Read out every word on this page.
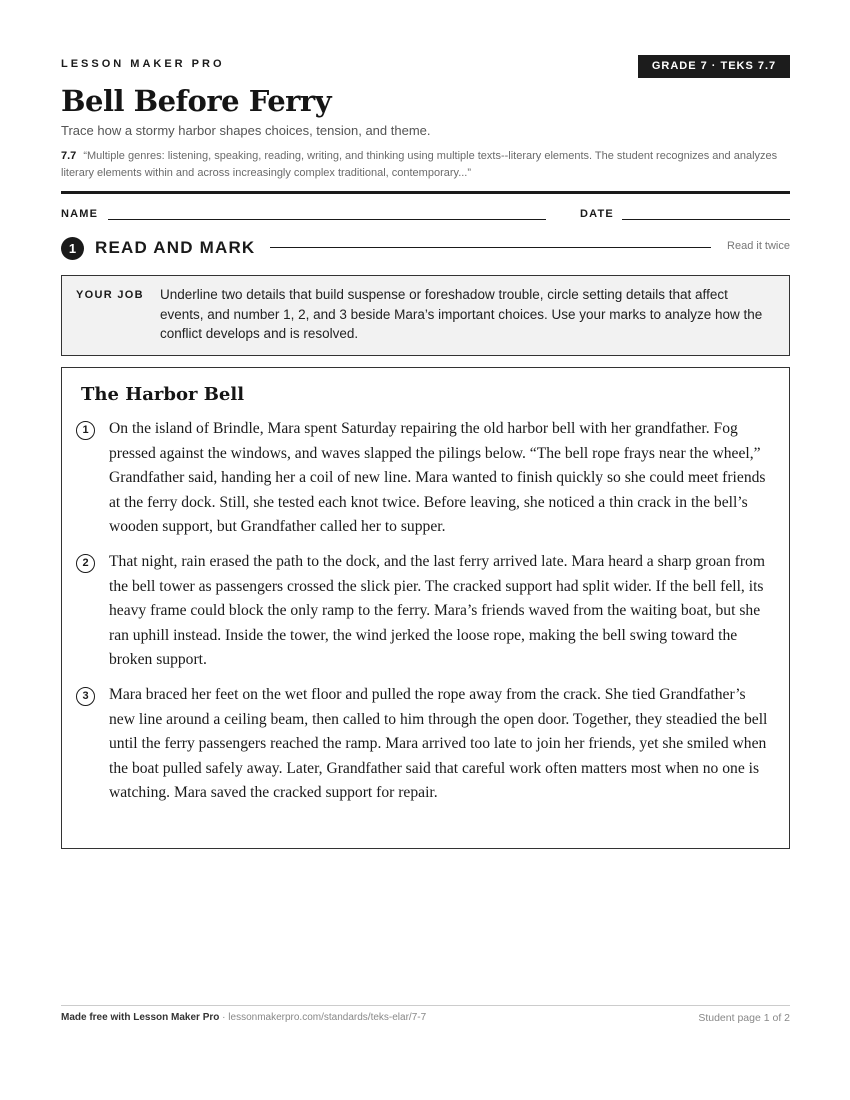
LESSON MAKER PRO	GRADE 7 · TEKS 7.7
Bell Before Ferry
Trace how a stormy harbor shapes choices, tension, and theme.
7.7 “Multiple genres: listening, speaking, reading, writing, and thinking using multiple texts--literary elements. The student recognizes and analyzes literary elements within and across increasingly complex traditional, contemporary...”
NAME	DATE
1	READ AND MARK	Read it twice
YOUR JOB Underline two details that build suspense or foreshadow trouble, circle setting details that affect events, and number 1, 2, and 3 beside Mara’s important choices. Use your marks to analyze how the conflict develops and is resolved.
The Harbor Bell
1	On the island of Brindle, Mara spent Saturday repairing the old harbor bell with her grandfather. Fog pressed against the windows, and waves slapped the pilings below. “The bell rope frays near the wheel,” Grandfather said, handing her a coil of new line. Mara wanted to finish quickly so she could meet friends at the ferry dock. Still, she tested each knot twice. Before leaving, she noticed a thin crack in the bell’s wooden support, but Grandfather called her to supper.
2	That night, rain erased the path to the dock, and the last ferry arrived late. Mara heard a sharp groan from the bell tower as passengers crossed the slick pier. The cracked support had split wider. If the bell fell, its heavy frame could block the only ramp to the ferry. Mara’s friends waved from the waiting boat, but she ran uphill instead. Inside the tower, the wind jerked the loose rope, making the bell swing toward the broken support.
3	Mara braced her feet on the wet floor and pulled the rope away from the crack. She tied Grandfather’s new line around a ceiling beam, then called to him through the open door. Together, they steadied the bell until the ferry passengers reached the ramp. Mara arrived too late to join her friends, yet she smiled when the boat pulled safely away. Later, Grandfather said that careful work often matters most when no one is watching. Mara saved the cracked support for repair.
Made free with Lesson Maker Pro · lessonmakerpro.com/standards/teks-elar/7-7	Student page 1 of 2
